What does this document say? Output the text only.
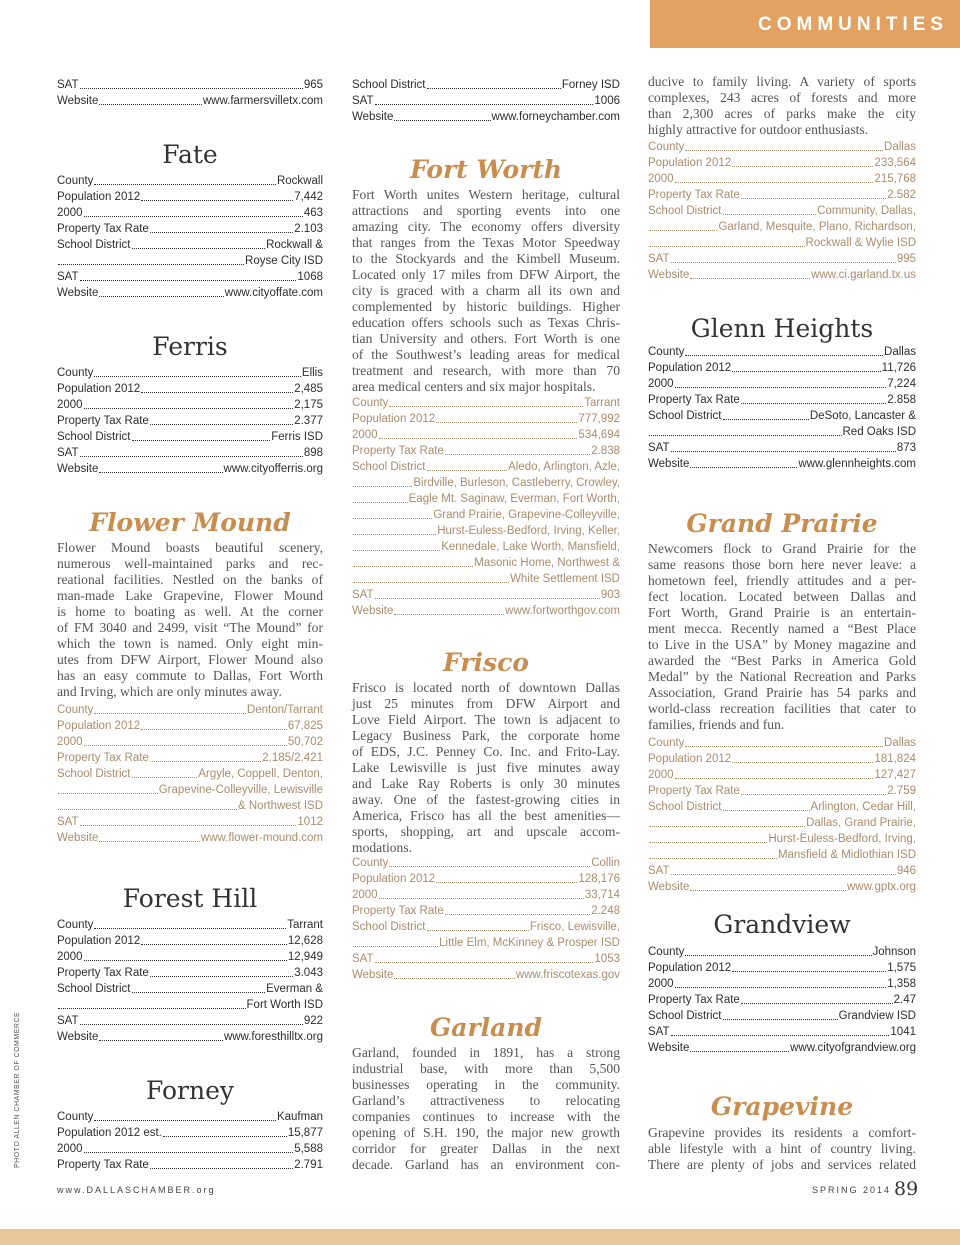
COMMUNITIES
SAT	965
Website	www.farmersvilletx.com
Fate
County	Rockwall
Population 2012	7,442
2000	463
Property Tax Rate	2.103
School District	Rockwall &
Royse City ISD
SAT	1068
Website	www.cityoffate.com
Ferris
County	Ellis
Population 2012	2,485
2000	2,175
Property Tax Rate	2.377
School District	Ferris ISD
SAT	898
Website	www.cityofferris.org
Flower Mound
Flower Mound boasts beautiful scenery,
numerous well-maintained parks and rec-
reational facilities. Nestled on the banks of
man-made Lake Grapevine, Flower Mound
is home to boating as well. At the corner
of FM 3040 and 2499, visit “The Mound” for
which the town is named. Only eight min-
utes from DFW Airport, Flower Mound also
has an easy commute to Dallas, Fort Worth
and Irving, which are only minutes away.
County	Denton/Tarrant
Population 2012	67,825
2000	50,702
Property Tax Rate	2.185/2.421
School District	Argyle, Coppell, Denton,
Grapevine-Colleyville, Lewisville
& Northwest ISD
SAT	1012
Website	www.flower-mound.com
Forest Hill
County	Tarrant
Population 2012	12,628
2000	12,949
Property Tax Rate	3.043
School District	Everman &
Fort Worth ISD
SAT	922
Website	www.foresthilltx.org
Forney
County	Kaufman
Population 2012 est.	15,877
2000	5,588
Property Tax Rate	2.791
School District	Forney ISD
SAT	1006
Website	www.forneychamber.com
Fort Worth
Fort Worth unites Western heritage, cultural
attractions and sporting events into one
amazing city. The economy offers diversity
that ranges from the Texas Motor Speedway
to the Stockyards and the Kimbell Museum.
Located only 17 miles from DFW Airport, the
city is graced with a charm all its own and
complemented by historic buildings. Higher
education offers schools such as Texas Chris-
tian University and others. Fort Worth is one
of the Southwest’s leading areas for medical
treatment and research, with more than 70
area medical centers and six major hospitals.
County	Tarrant
Population 2012	777,992
2000	534,694
Property Tax Rate	2.838
School District	Aledo, Arlington, Azle,
Birdville, Burleson, Castleberry, Crowley,
Eagle Mt. Saginaw, Everman, Fort Worth,
Grand Prairie, Grapevine-Colleyville,
Hurst-Euless-Bedford, Irving, Keller,
Kennedale, Lake Worth, Mansfield,
Masonic Home, Northwest &
White Settlement ISD
SAT	903
Website	www.fortworthgov.com
Frisco
Frisco is located north of downtown Dallas
just 25 minutes from DFW Airport and
Love Field Airport. The town is adjacent to
Legacy Business Park, the corporate home
of EDS, J.C. Penney Co. Inc. and Frito-Lay.
Lake Lewisville is just five minutes away
and Lake Ray Roberts is only 30 minutes
away. One of the fastest-growing cities in
America, Frisco has all the best amenities—
sports, shopping, art and upscale accom-
modations.
County	Collin
Population 2012	128,176
2000	33,714
Property Tax Rate	2.248
School District	Frisco, Lewisville,
Little Elm, McKinney & Prosper ISD
SAT	1053
Website	www.friscotexas.gov
Garland
Garland, founded in 1891, has a strong
industrial base, with more than 5,500
businesses operating in the community.
Garland’s attractiveness to relocating
companies continues to increase with the
opening of S.H. 190, the major new growth
corridor for greater Dallas in the next
decade. Garland has an environment con-
ducive to family living. A variety of sports
complexes, 243 acres of forests and more
than 2,300 acres of parks make the city
highly attractive for outdoor enthusiasts.
County	Dallas
Population 2012	233,564
2000	215,768
Property Tax Rate	2.582
School District	Community, Dallas,
Garland, Mesquite, Plano, Richardson,
Rockwall & Wylie ISD
SAT	995
Website	www.ci.garland.tx.us
Glenn Heights
County	Dallas
Population 2012	11,726
2000	7,224
Property Tax Rate	2.858
School District	DeSoto, Lancaster &
Red Oaks ISD
SAT	873
Website	www.glennheights.com
Grand Prairie
Newcomers flock to Grand Prairie for the
same reasons those born here never leave: a
hometown feel, friendly attitudes and a per-
fect location. Located between Dallas and
Fort Worth, Grand Prairie is an entertain-
ment mecca. Recently named a “Best Place
to Live in the USA” by Money magazine and
awarded the “Best Parks in America Gold
Medal” by the National Recreation and Parks
Association, Grand Prairie has 54 parks and
world-class recreation facilities that cater to
families, friends and fun.
County	Dallas
Population 2012	181,824
2000	127,427
Property Tax Rate	2.759
School District	Arlington, Cedar Hill,
Dallas, Grand Prairie,
Hurst-Euless-Bedford, Irving,
Mansfield & Midlothian ISD
SAT	946
Website	www.gptx.org
Grandview
County	Johnson
Population 2012	1,575
2000	1,358
Property Tax Rate	2.47
School District	Grandview ISD
SAT	1041
Website	www.cityofgrandview.org
Grapevine
Grapevine provides its residents a comfort-
able lifestyle with a hint of country living.
There are plenty of jobs and services related
PHOTO ALLEN CHAMBER OF COMMERCE
www.DALLASCHAMBER.org	SPRING 2014 89
